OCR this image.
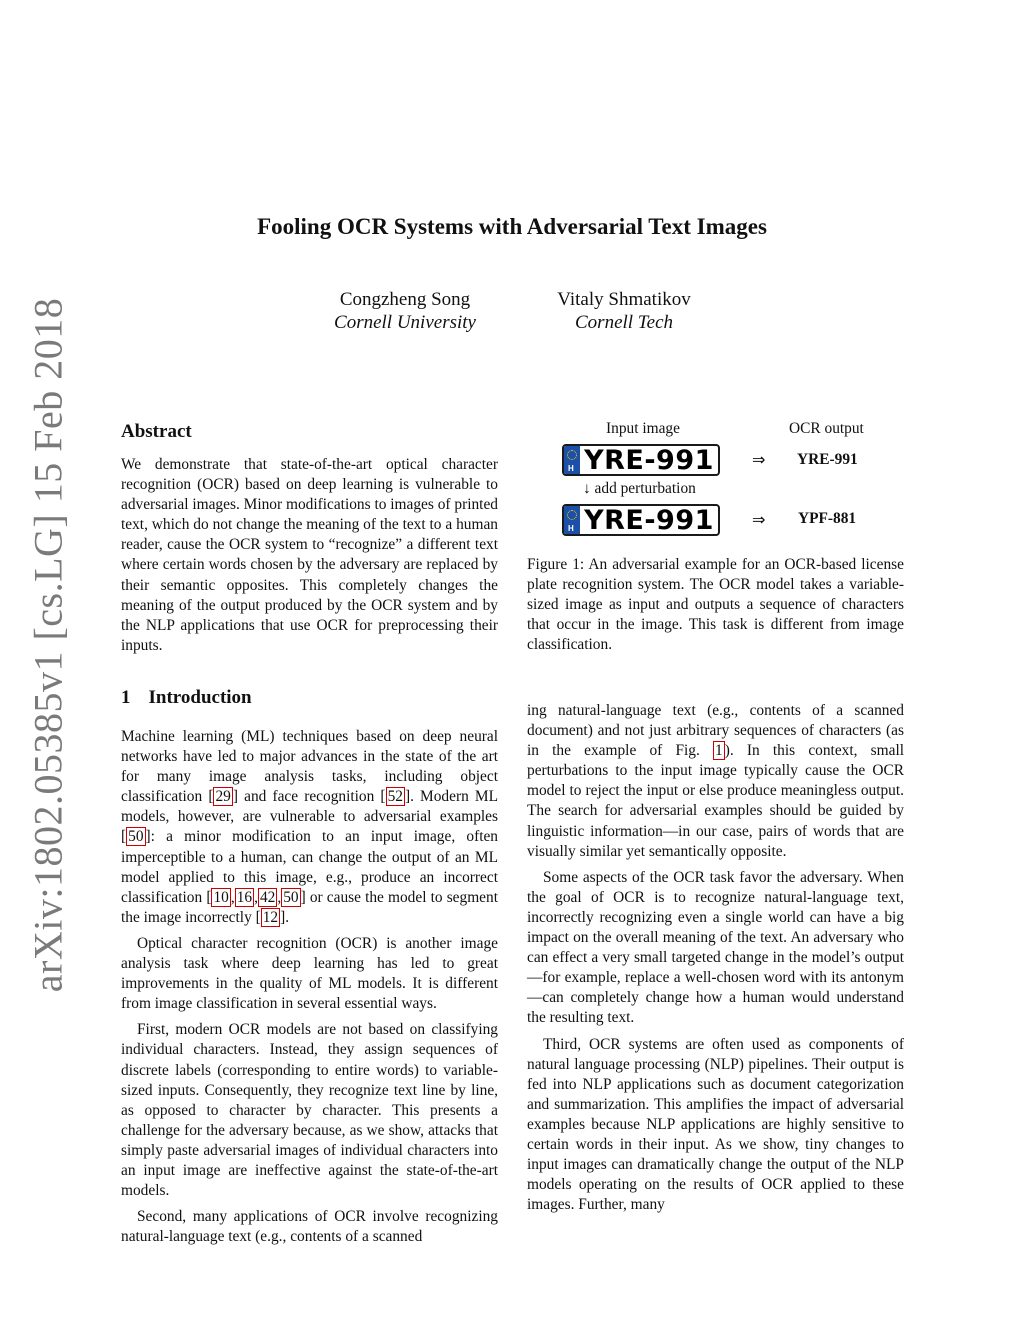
arXiv:1802.05385v1 [cs.LG] 15 Feb 2018
Fooling OCR Systems with Adversarial Text Images
Congzheng Song
Cornell University
Vitaly Shmatikov
Cornell Tech
Abstract

We demonstrate that state-of-the-art optical character recognition (OCR) based on deep learning is vulnerable to adversarial images. Minor modifications to images of printed text, which do not change the meaning of the text to a human reader, cause the OCR system to “recognize” a different text where certain words chosen by the adversary are replaced by their semantic opposites. This completely changes the meaning of the output produced by the OCR system and by the NLP applications that use OCR for preprocessing their inputs.

1 Introduction

Machine learning (ML) techniques based on deep neural networks have led to major advances in the state of the art for many image analysis tasks, including object classification [ 29 ] and face recognition [ 52 ]. Modern ML models, however, are vulnerable to adversarial examples [ 50 ]: a minor modification to an input image, often imperceptible to a human, can change the output of an ML model applied to this image, e.g., produce an incorrect classification [ 10 , 16 , 42 , 50 ] or cause the model to segment the image incorrectly [ 12 ].

Optical character recognition (OCR) is another image analysis task where deep learning has led to great improvements in the quality of ML models. It is different from image classification in several essential ways.

First, modern OCR models are not based on classifying individual characters. Instead, they assign sequences of discrete labels (corresponding to entire words) to variable-sized inputs. Consequently, they recognize text line by line, as opposed to character by character. This presents a challenge for the adversary because, as we show, attacks that simply paste adversarial images of individual characters into an input image are ineffective against the state-of-the-art models.

Second, many applications of OCR involve recognizing natural-language text (e.g., contents of a scanned

Input image	OCR output
H YRE-991 ⇒ YRE-991
↓ add perturbation
H YRE-991 ⇒ YPF-881
Figure 1: An adversarial example for an OCR-based license plate recognition system. The OCR model takes a variable-sized image as input and outputs a sequence of characters that occur in the image. This task is different from image classification.

ing natural-language text (e.g., contents of a scanned document) and not just arbitrary sequences of characters (as in the example of Fig. 1 ). In this context, small perturbations to the input image typically cause the OCR model to reject the input or else produce meaningless output. The search for adversarial examples should be guided by linguistic information—in our case, pairs of words that are visually similar yet semantically opposite.

Some aspects of the OCR task favor the adversary. When the goal of OCR is to recognize natural-language text, incorrectly recognizing even a single world can have a big impact on the overall meaning of the text. An adversary who can effect a very small targeted change in the model’s output—for example, replace a well-chosen word with its antonym—can completely change how a human would understand the resulting text.

Third, OCR systems are often used as components of natural language processing (NLP) pipelines. Their output is fed into NLP applications such as document categorization and summarization. This amplifies the impact of adversarial examples because NLP applications are highly sensitive to certain words in their input. As we show, tiny changes to input images can dramatically change the output of the NLP models operating on the results of OCR applied to these images. Further, many
